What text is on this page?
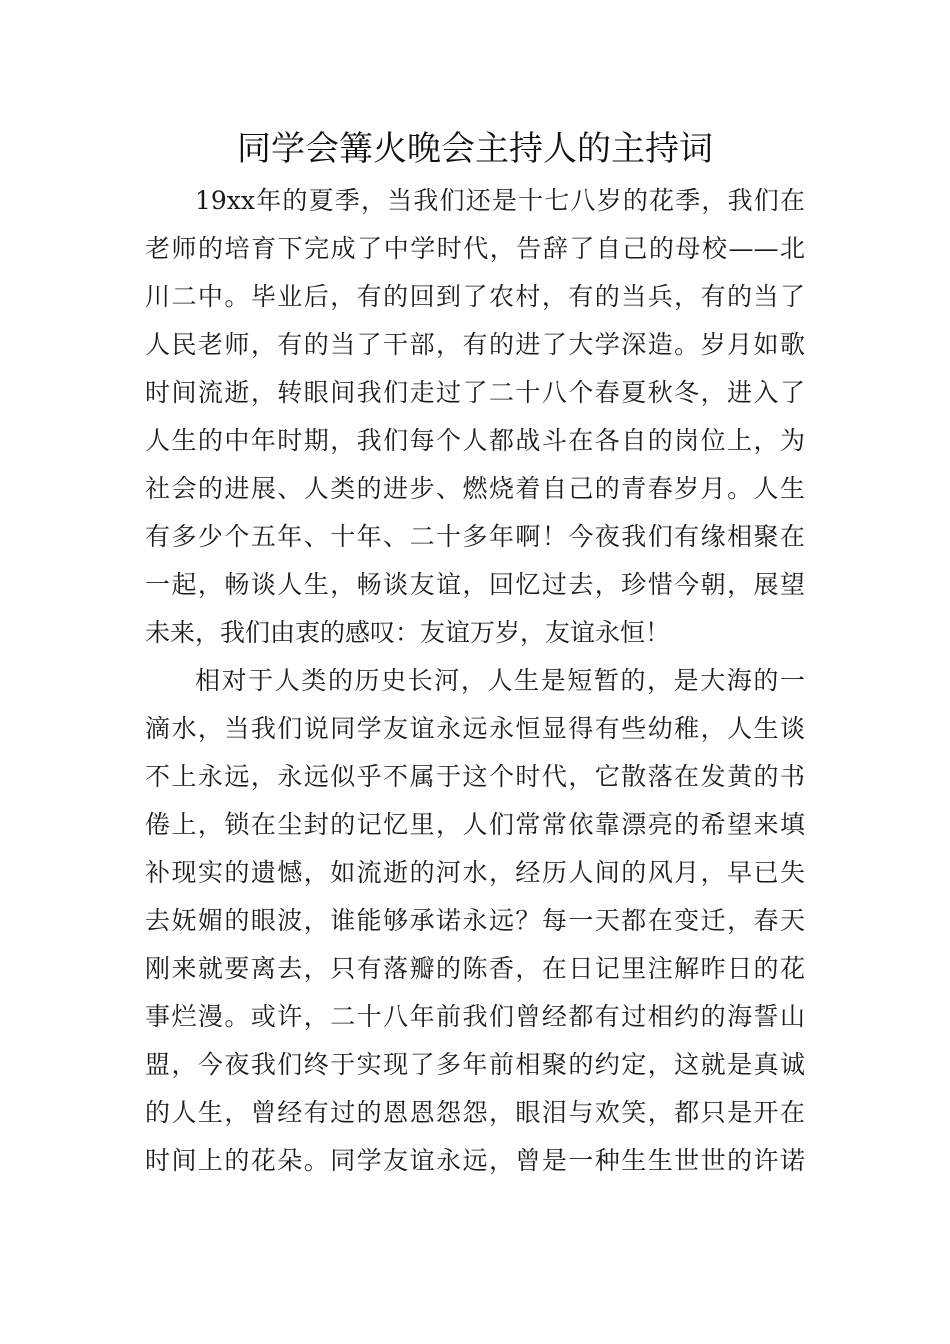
同学会篝火晚会主持人的主持词
19xx年的夏季，当我们还是十七八岁的花季，我们在
老师的培育下完成了中学时代，告辞了自己的母校——北
川二中。毕业后，有的回到了农村，有的当兵，有的当了
人民老师，有的当了干部，有的进了大学深造。岁月如歌
时间流逝，转眼间我们走过了二十八个春夏秋冬，进入了
人生的中年时期，我们每个人都战斗在各自的岗位上，为
社会的进展、人类的进步、燃烧着自己的青春岁月。人生
有多少个五年、十年、二十多年啊！今夜我们有缘相聚在
一起，畅谈人生，畅谈友谊，回忆过去，珍惜今朝，展望
未来，我们由衷的感叹：友谊万岁，友谊永恒！
相对于人类的历史长河，人生是短暂的，是大海的一
滴水，当我们说同学友谊永远永恒显得有些幼稚，人生谈
不上永远，永远似乎不属于这个时代，它散落在发黄的书
倦上，锁在尘封的记忆里，人们常常依靠漂亮的希望来填
补现实的遗憾，如流逝的河水，经历人间的风月，早已失
去妩媚的眼波，谁能够承诺永远？每一天都在变迁，春天
刚来就要离去，只有落瓣的陈香，在日记里注解昨日的花
事烂漫。或许，二十八年前我们曾经都有过相约的海誓山
盟，今夜我们终于实现了多年前相聚的约定，这就是真诚
的人生，曾经有过的恩恩怨怨，眼泪与欢笑，都只是开在
时间上的花朵。同学友谊永远，曾是一种生生世世的许诺
